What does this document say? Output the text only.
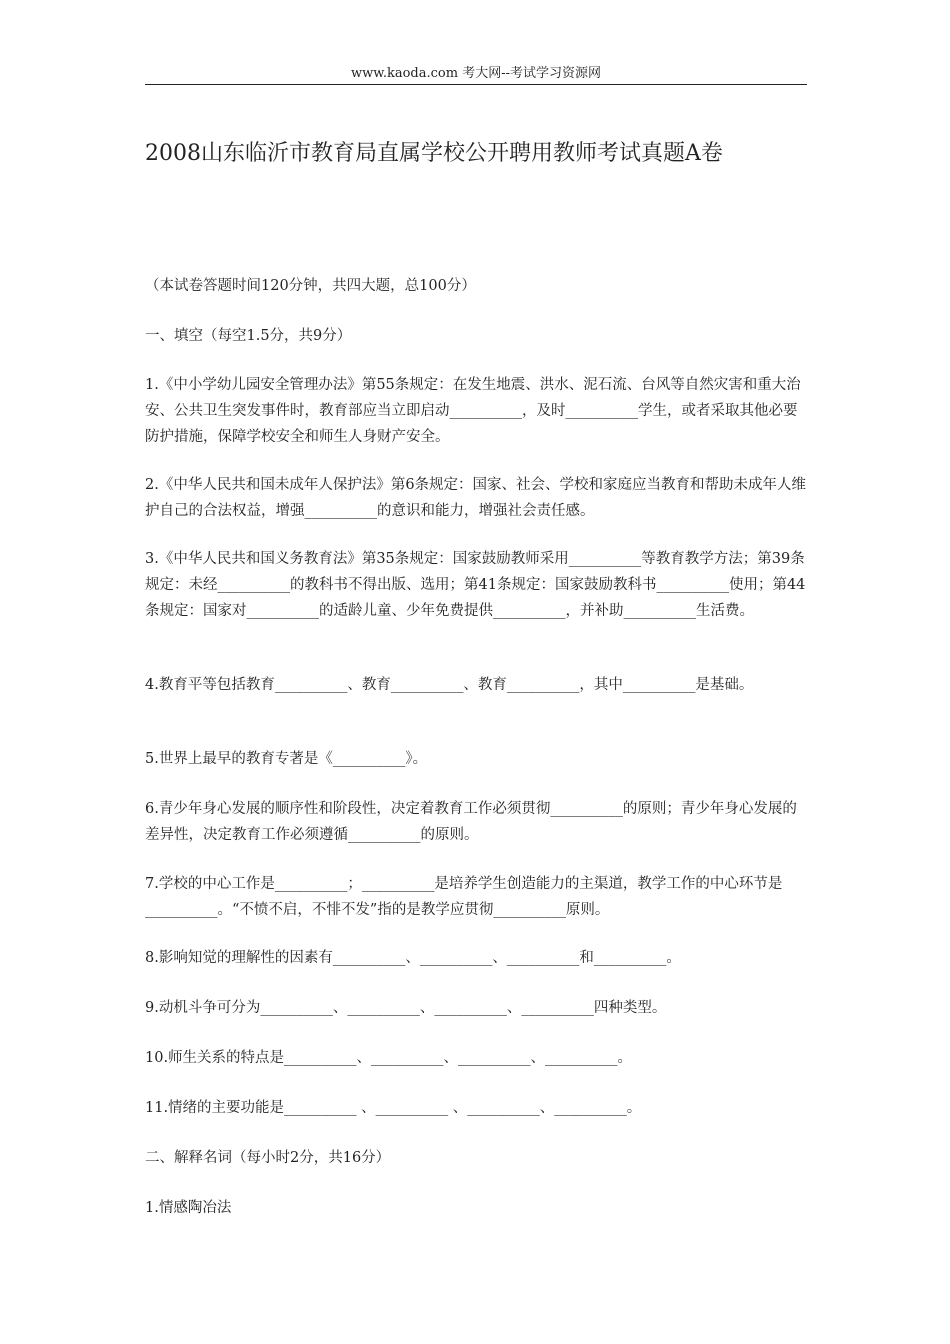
www.kaoda.com 考大网--考试学习资源网
2008山东临沂市教育局直属学校公开聘用教师考试真题A卷
（本试卷答题时间120分钟，共四大题，总100分）
一、填空（每空1.5分，共9分）
1.《中小学幼儿园安全管理办法》第55条规定：在发生地震、洪水、泥石流、台风等自然灾害和重大治安、公共卫生突发事件时，教育部应当立即启动__________，及时__________学生，或者采取其他必要防护措施，保障学校安全和师生人身财产安全。
2.《中华人民共和国未成年人保护法》第6条规定：国家、社会、学校和家庭应当教育和帮助未成年人维护自己的合法权益，增强__________的意识和能力，增强社会责任感。
3.《中华人民共和国义务教育法》第35条规定：国家鼓励教师采用__________等教育教学方法；第39条规定：未经__________的教科书不得出版、选用；第41条规定：国家鼓励教科书__________使用；第44条规定：国家对__________的适龄儿童、少年免费提供__________，并补助__________生活费。
4.教育平等包括教育__________、教育__________、教育__________，其中__________是基础。
5.世界上最早的教育专著是《__________》。
6.青少年身心发展的顺序性和阶段性，决定着教育工作必须贯彻__________的原则；青少年身心发展的差异性，决定教育工作必须遵循__________的原则。
7.学校的中心工作是__________；__________是培养学生创造能力的主渠道，教学工作的中心环节是__________。“不愤不启，不悱不发”指的是教学应贯彻__________原则。
8.影响知觉的理解性的因素有__________、__________、__________和__________。
9.动机斗争可分为__________、__________、__________、__________四种类型。
10.师生关系的特点是__________、__________、__________、__________。
11.情绪的主要功能是__________ 、__________ 、__________、__________。
二、解释名词（每小时2分，共16分）
1.情感陶冶法
